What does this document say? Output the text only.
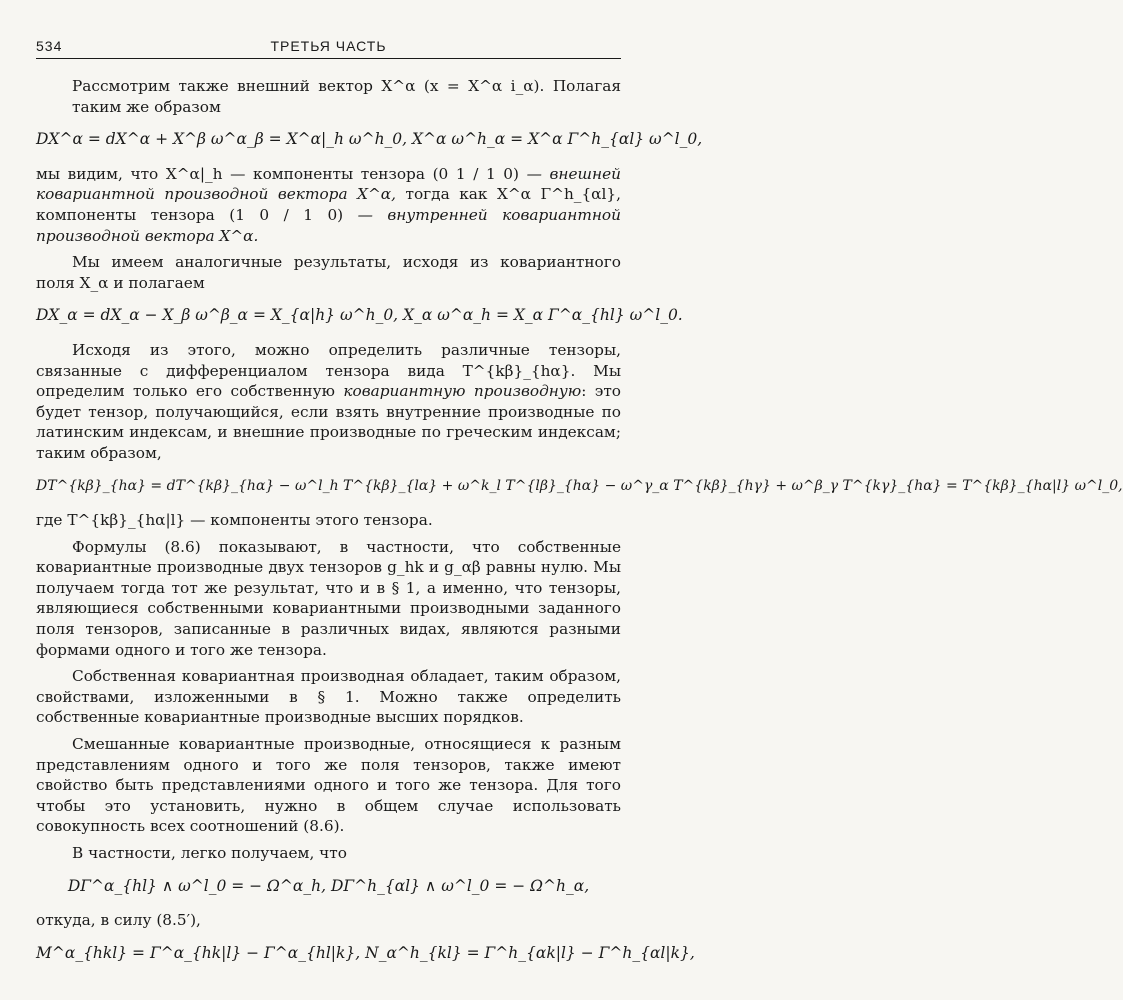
534	ТРЕТЬЯ ЧАСТЬ

Рассмотрим также внешний вектор X^α (x = X^α i_α). Полагая таким же образом

DX^α = dX^α + X^β ω^α_β = X^α|_h ω^h_0, X^α ω^h_α = X^α Γ^h_{αl} ω^l_0,

мы видим, что X^α|_h — компоненты тензора (0 1 / 1 0) — внешней ковариантной производной вектора X^α, тогда как X^α Γ^h_{αl}, компоненты тензора (1 0 / 1 0) — внутренней ковариантной производной вектора X^α.

Мы имеем аналогичные результаты, исходя из ковариантного поля X_α и полагаем

DX_α = dX_α − X_β ω^β_α = X_{α|h} ω^h_0, X_α ω^α_h = X_α Γ^α_{hl} ω^l_0.

Исходя из этого, можно определить различные тензоры, связанные с дифференциалом тензора вида T^{kβ}_{hα}. Мы определим только его собственную ковариантную производную: это будет тензор, получающийся, если взять внутренние производные по латинским индексам, и внешние производные по греческим индексам; таким образом,

DT^{kβ}_{hα} = dT^{kβ}_{hα} − ω^l_h T^{kβ}_{lα} + ω^k_l T^{lβ}_{hα} − ω^γ_α T^{kβ}_{hγ} + ω^β_γ T^{kγ}_{hα} = T^{kβ}_{hα|l} ω^l_0,

где T^{kβ}_{hα|l} — компоненты этого тензора.

Формулы (8.6) показывают, в частности, что собственные ковариантные производные двух тензоров g_hk и g_αβ равны нулю. Мы получаем тогда тот же результат, что и в § 1, а именно, что тензоры, являющиеся собственными ковариантными производными заданного поля тензоров, записанные в различных видах, являются разными формами одного и того же тензора.

Собственная ковариантная производная обладает, таким образом, свойствами, изложенными в § 1. Можно также определить собственные ковариантные производные высших порядков.

Смешанные ковариантные производные, относящиеся к разным представлениям одного и того же поля тензоров, также имеют свойство быть представлениями одного и того же тензора. Для того чтобы это установить, нужно в общем случае использовать совокупность всех соотношений (8.6).

В частности, легко получаем, что

DΓ^α_{hl} ∧ ω^l_0 = − Ω^α_h, DΓ^h_{αl} ∧ ω^l_0 = − Ω^h_α,

откуда, в силу (8.5′),

M^α_{hkl} = Γ^α_{hk|l} − Γ^α_{hl|k}, N_α^h_{kl} = Γ^h_{αk|l} − Γ^h_{αl|k},
